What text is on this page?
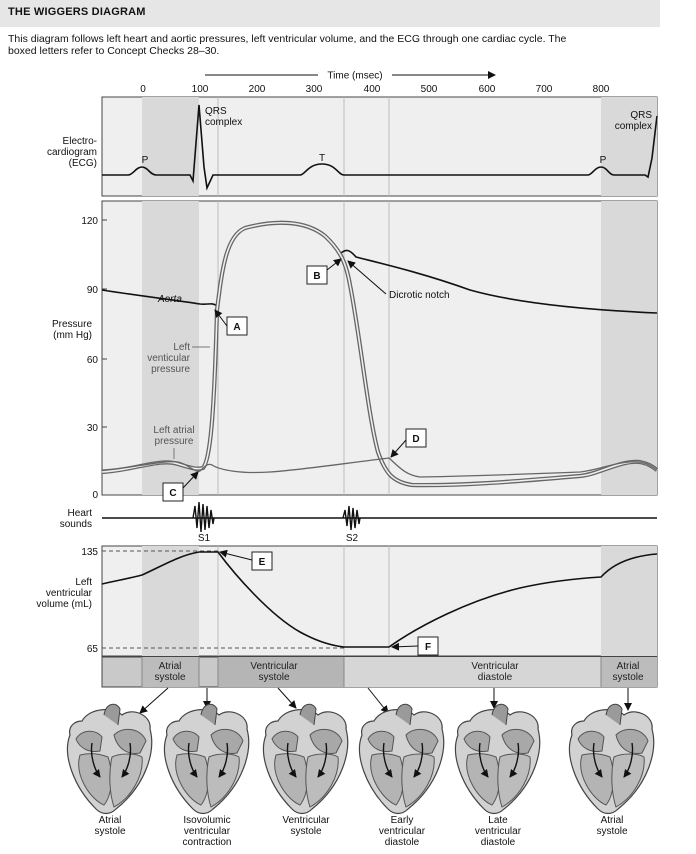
THE WIGGERS DIAGRAM
This diagram follows left heart and aortic pressures, left ventricular volume, and the ECG through one cardiac cycle. The boxed letters refer to Concept Checks 28–30.
Time (msec)
0	100	200	300	400	500	600	700	800
P	T	P
QRS
complex
QRS
complex
Electro-
cardiogram
(ECG)
Dicrotic notch
Aorta
Left
venticular
pressure
Left atrial
pressure
A
B
C
D
120
90
60
30
0
Pressure
(mm Hg)
S1	S2
Heart
sounds
E
F
135
65
Left
ventricular
volume (mL)
Atrial
systole
Ventricular
systole
Ventricular
diastole
Atrial
systole
Atrial
systole
Isovolumic
ventricular
contraction
Ventricular
systole
Early
ventricular
diastole
Late
ventricular
diastole
Atrial
systole
